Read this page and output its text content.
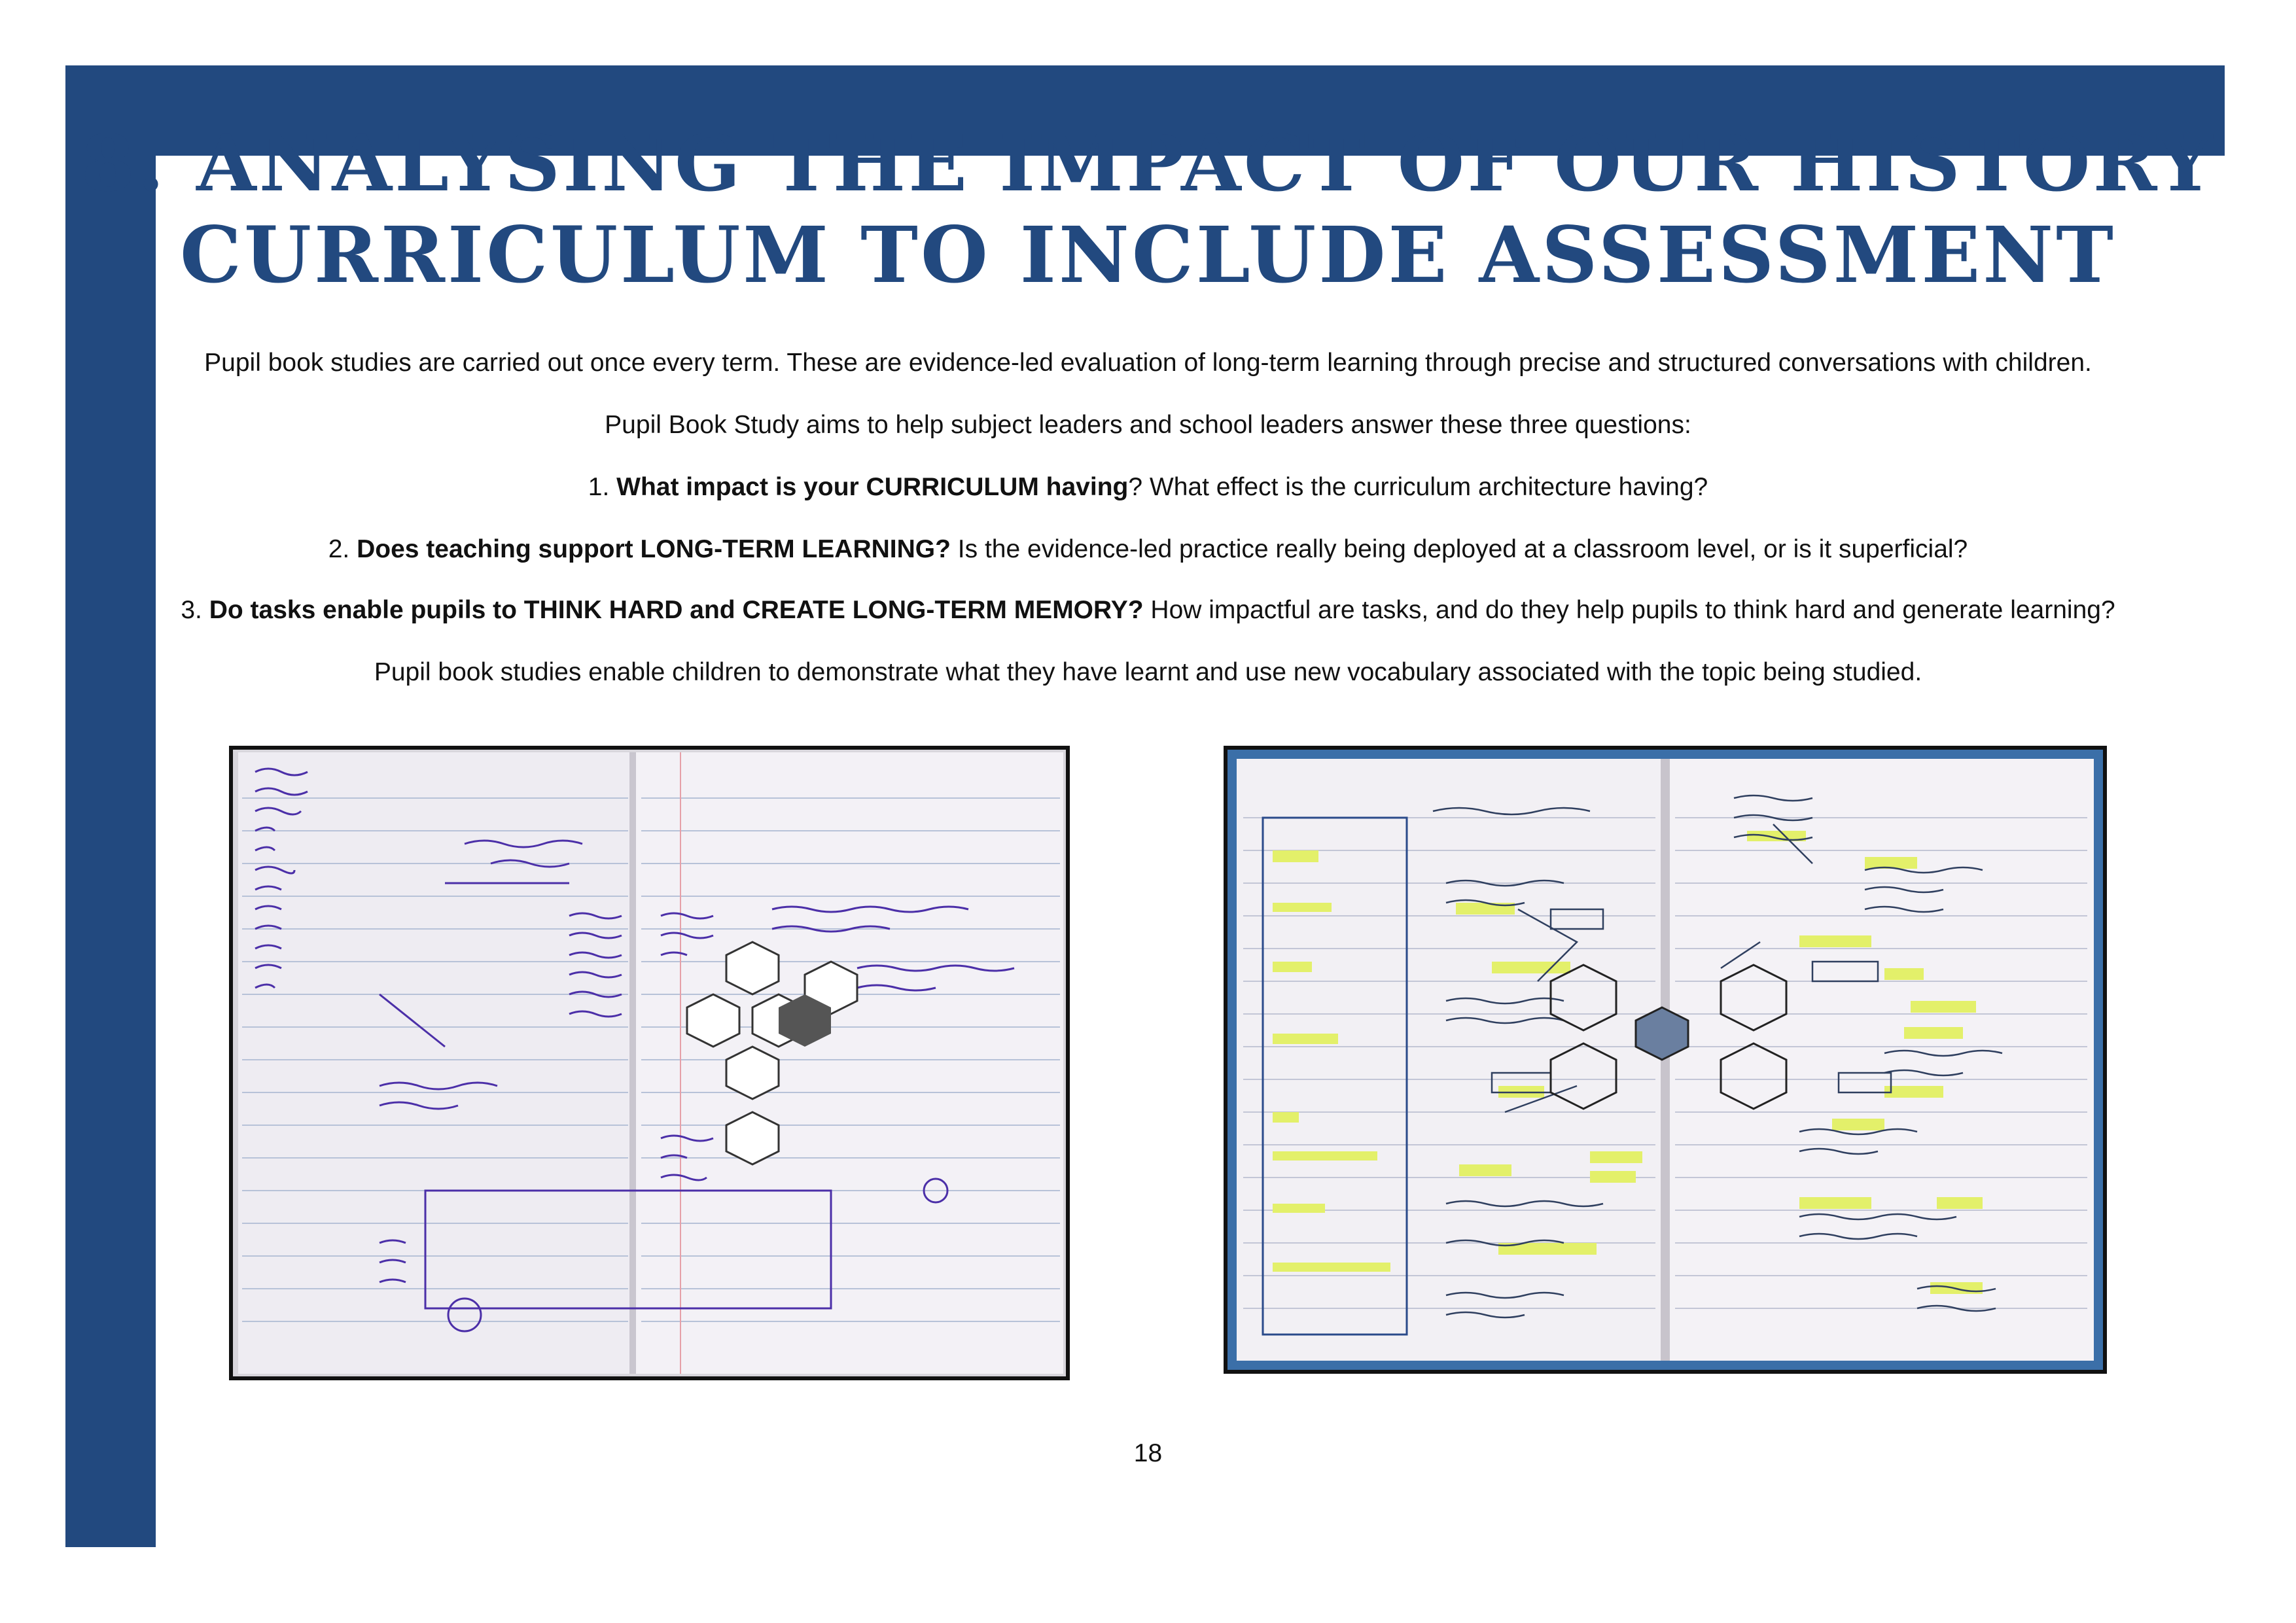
8. ANALYSING THE IMPACT OF OUR HISTORY
CURRICULUM TO INCLUDE ASSESSMENT
Pupil book studies are carried out once every term. These are evidence-led evaluation of long-term learning through precise and structured conversations with children.
Pupil Book Study aims to help subject leaders and school leaders answer these three questions:
1. What impact is your CURRICULUM having? What effect is the curriculum architecture having?
2. Does teaching support LONG-TERM LEARNING? Is the evidence-led practice really being deployed at a classroom level, or is it superficial?
3. Do tasks enable pupils to THINK HARD and CREATE LONG-TERM MEMORY? How impactful are tasks, and do they help pupils to think hard and generate learning?
Pupil book studies enable children to demonstrate what they have learnt and use new vocabulary associated with the topic being studied.
18
